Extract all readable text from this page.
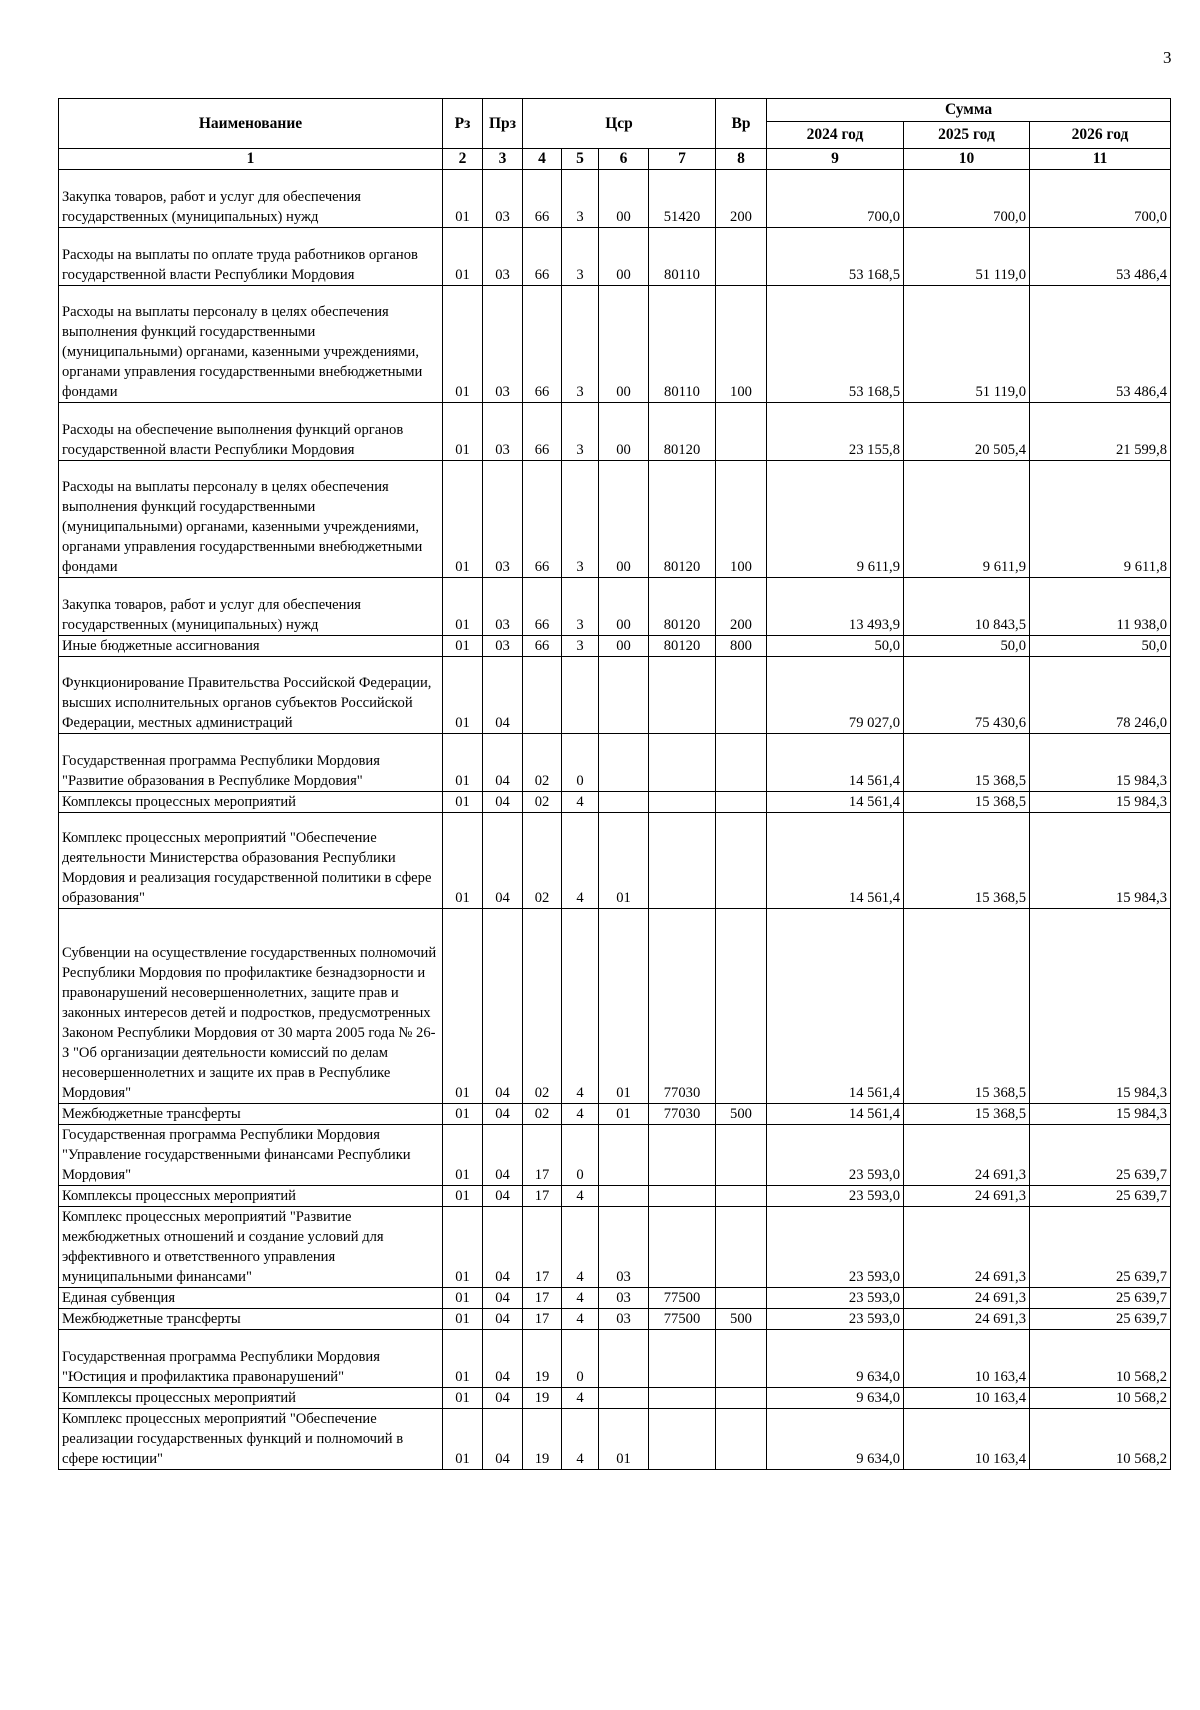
3
Наименование	Рз	Прз	Цср				Вр	Сумма		
								2024 год	2025 год	2026 год
1	2	3	4	5	6	7	8	9	10	11
Закупка товаров, работ и услуг для обеспечения государственных (муниципальных) нужд	01	03	66	3	00	51420	200	700,0	700,0	700,0
Расходы на выплаты по оплате труда работников органов государственной власти Республики Мордовия	01	03	66	3	00	80110		53 168,5	51 119,0	53 486,4
Расходы на выплаты персоналу в целях обеспечения выполнения функций государственными (муниципальными) органами, казенными учреждениями, органами управления государственными внебюджетными фондами	01	03	66	3	00	80110	100	53 168,5	51 119,0	53 486,4
Расходы на обеспечение выполнения функций органов государственной власти Республики Мордовия	01	03	66	3	00	80120		23 155,8	20 505,4	21 599,8
Расходы на выплаты персоналу в целях обеспечения выполнения функций государственными (муниципальными) органами, казенными учреждениями, органами управления государственными внебюджетными фондами	01	03	66	3	00	80120	100	9 611,9	9 611,9	9 611,8
Закупка товаров, работ и услуг для обеспечения государственных (муниципальных) нужд	01	03	66	3	00	80120	200	13 493,9	10 843,5	11 938,0
Иные бюджетные ассигнования	01	03	66	3	00	80120	800	50,0	50,0	50,0
Функционирование Правительства Российской Федерации, высших исполнительных органов субъектов Российской Федерации, местных администраций	01	04						79 027,0	75 430,6	78 246,0
Государственная программа Республики Мордовия "Развитие образования в Республике Мордовия"	01	04	02	0				14 561,4	15 368,5	15 984,3
Комплексы процессных мероприятий	01	04	02	4				14 561,4	15 368,5	15 984,3
Комплекс процессных мероприятий "Обеспечение деятельности Министерства образования Республики Мордовия и реализация государственной политики в сфере образования"	01	04	02	4	01			14 561,4	15 368,5	15 984,3
Субвенции на осуществление государственных полномочий Республики Мордовия по профилактике безнадзорности и правонарушений несовершеннолетних, защите прав и законных интересов детей и подростков, предусмотренных Законом Республики Мордовия от 30 марта 2005 года № 26-З "Об организации деятельности комиссий по делам несовершеннолетних и защите их прав в Республике Мордовия"	01	04	02	4	01	77030		14 561,4	15 368,5	15 984,3
Межбюджетные трансферты	01	04	02	4	01	77030	500	14 561,4	15 368,5	15 984,3
Государственная программа Республики Мордовия "Управление государственными финансами Республики Мордовия"	01	04	17	0				23 593,0	24 691,3	25 639,7
Комплексы процессных мероприятий	01	04	17	4				23 593,0	24 691,3	25 639,7
Комплекс процессных мероприятий "Развитие межбюджетных отношений и создание условий для эффективного и ответственного управления муниципальными финансами"	01	04	17	4	03			23 593,0	24 691,3	25 639,7
Единая субвенция	01	04	17	4	03	77500		23 593,0	24 691,3	25 639,7
Межбюджетные трансферты	01	04	17	4	03	77500	500	23 593,0	24 691,3	25 639,7
Государственная программа Республики Мордовия "Юстиция и профилактика правонарушений"	01	04	19	0				9 634,0	10 163,4	10 568,2
Комплексы процессных мероприятий	01	04	19	4				9 634,0	10 163,4	10 568,2
Комплекс процессных мероприятий "Обеспечение реализации государственных функций и полномочий в сфере юстиции"	01	04	19	4	01			9 634,0	10 163,4	10 568,2
